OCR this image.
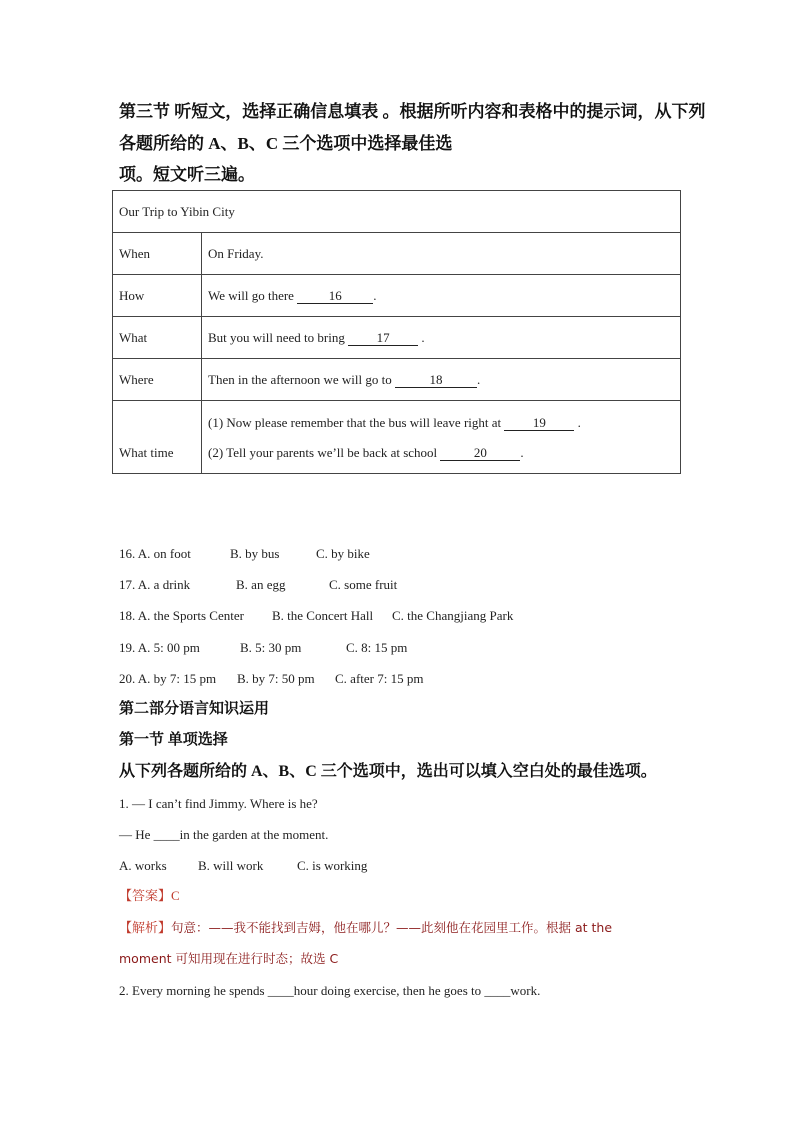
第三节 听短文，选择正确信息填表 。根据所听内容和表格中的提示词，从下列
各题所给的 A、B、C 三个选项中选择最佳选
项。短文听三遍。
Our Trip to Yibin City	
When	On Friday.
How	We will go there 16 .
What	But you will need to bring 17 .
Where	Then in the afternoon we will go to 18 .
What time	(1) Now please remember that the bus will leave right at 19 .
(2) Tell your parents we’ll be back at school 20 .
16. A. on foot	B. by bus	C. by bike
17. A. a drink	B. an egg	C. some fruit
18. A. the Sports Center B. the Concert Hall C. the Changjiang Park
19. A. 5: 00 pm	B. 5: 30 pm	C. 8: 15 pm
20. A. by 7: 15 pm B. by 7: 50 pm C. after 7: 15 pm
第二部分语言知识运用
第一节 单项选择
从下列各题所给的 A、B、C 三个选项中，选出可以填入空白处的最佳选项。
1. — I can’t find Jimmy. Where is he?
— He ____in the garden at the moment.
A. works B. will work	C. is working
【答案】C
【解析】句意：——我不能找到吉姆，他在哪儿？——此刻他在花园里工作。根据 at the
moment 可知用现在进行时态；故选 C
2. Every morning he spends ____hour doing exercise, then he goes to ____work.
